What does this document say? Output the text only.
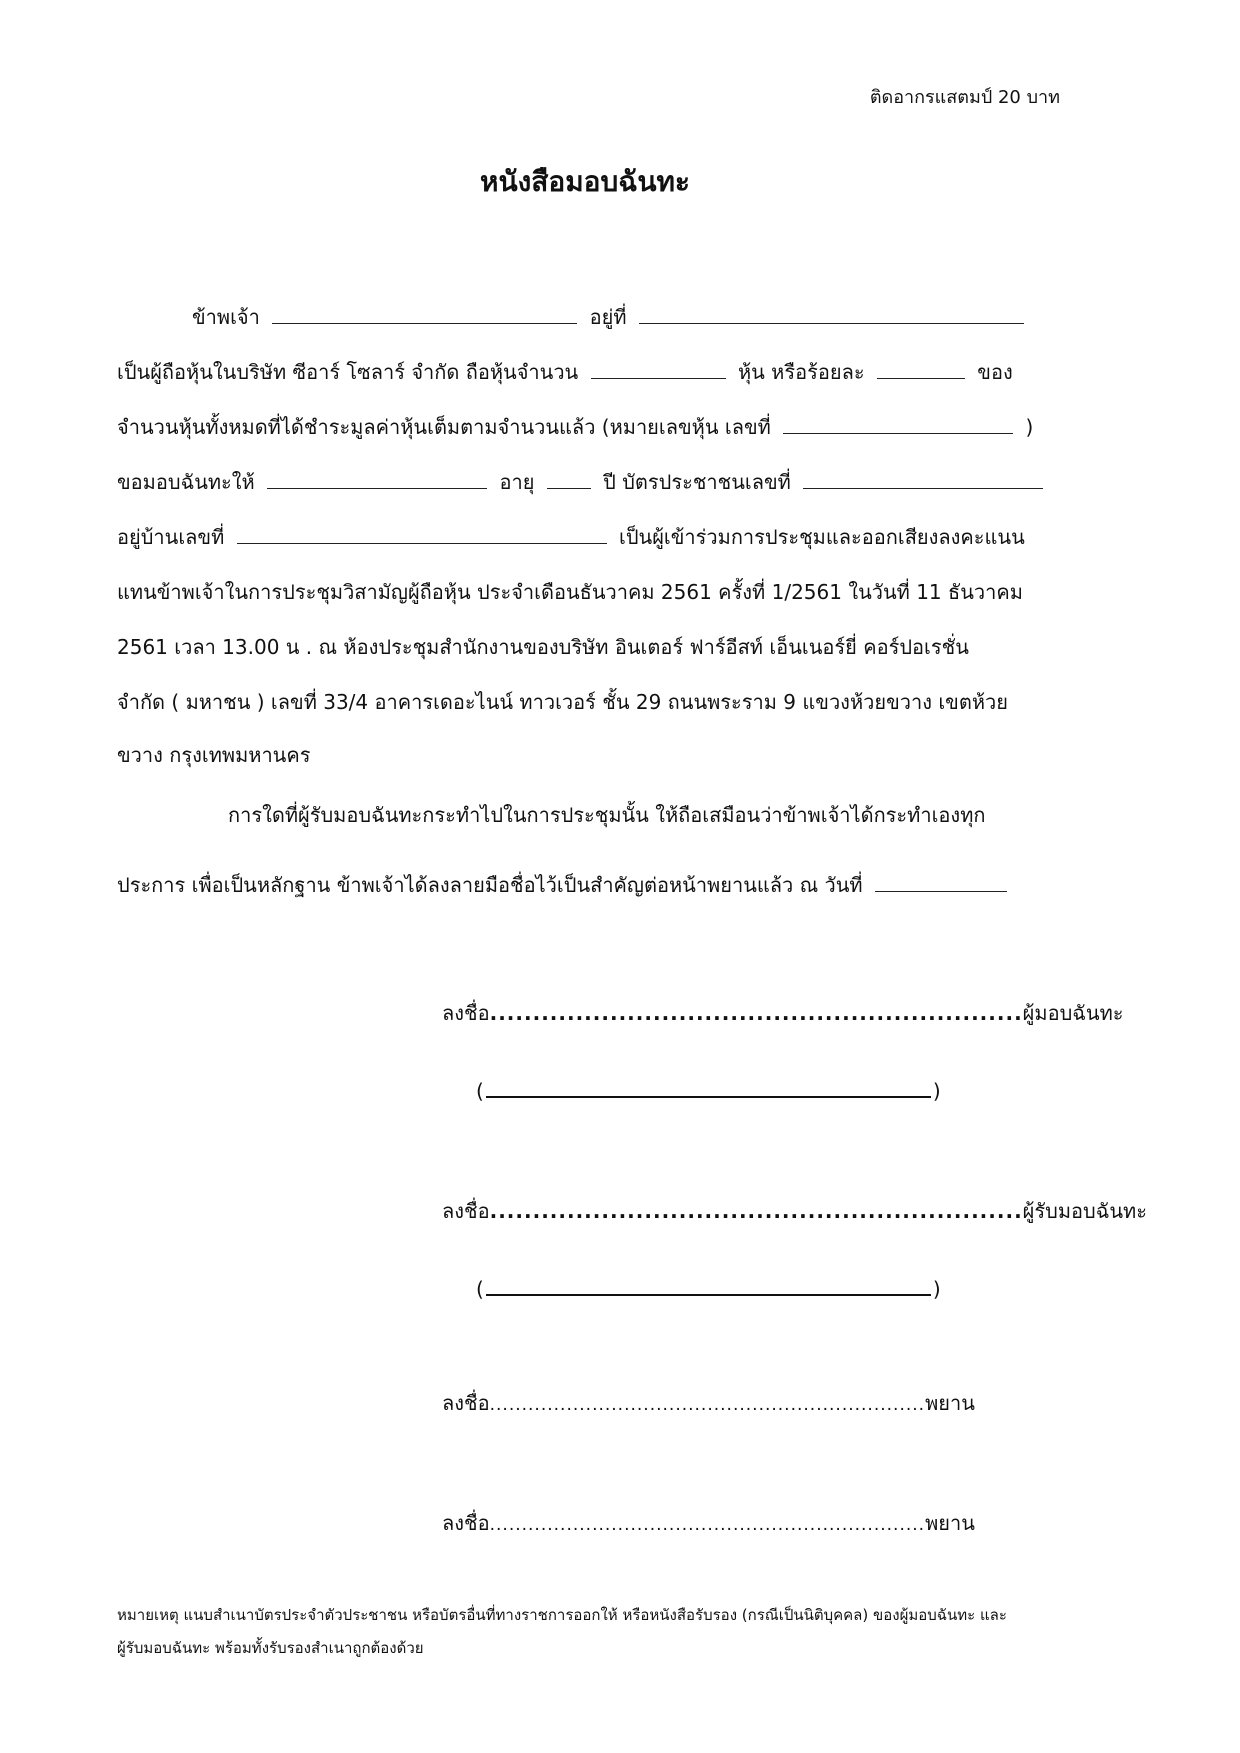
ติดอากรแสตมป์ 20 บาท
หนังสือมอบฉันทะ
ข้าพเจ้า	อยู่ที่
เป็นผู้ถือหุ้นในบริษัท ซีอาร์ โซลาร์ จำกัด ถือหุ้นจำนวน	หุ้น หรือร้อยละ	ของ
จำนวนหุ้นทั้งหมดที่ได้ชำระมูลค่าหุ้นเต็มตามจำนวนแล้ว (หมายเลขหุ้น เลขที่	)
ขอมอบฉันทะให้	อายุ	ปี บัตรประชาชนเลขที่
อยู่บ้านเลขที่	เป็นผู้เข้าร่วมการประชุมและออกเสียงลงคะแนน
แทนข้าพเจ้าในการประชุมวิสามัญผู้ถือหุ้น ประจำเดือนธันวาคม 2561 ครั้งที่ 1/2561 ในวันที่ 11 ธันวาคม
2561 เวลา 13.00 น . ณ ห้องประชุมสำนักงานของบริษัท อินเตอร์ ฟาร์อีสท์ เอ็นเนอร์ยี่ คอร์ปอเรชั่น
จำกัด ( มหาชน ) เลขที่ 33/4 อาคารเดอะไนน์ ทาวเวอร์ ชั้น 29 ถนนพระราม 9 แขวงห้วยขวาง เขตห้วย
ขวาง กรุงเทพมหานคร
การใดที่ผู้รับมอบฉันทะกระทำไปในการประชุมนั้น ให้ถือเสมือนว่าข้าพเจ้าได้กระทำเองทุก
ประการ เพื่อเป็นหลักฐาน ข้าพเจ้าได้ลงลายมือชื่อไว้เป็นสำคัญต่อหน้าพยานแล้ว ณ วันที่
ลงชื่อ..............................................................ผู้มอบฉันทะ
(	)
ลงชื่อ..............................................................ผู้รับมอบฉันทะ
(	)
ลงชื่อ....................................................................พยาน
ลงชื่อ....................................................................พยาน
หมายเหตุ แนบสำเนาบัตรประจำตัวประชาชน หรือบัตรอื่นที่ทางราชการออกให้ หรือหนังสือรับรอง (กรณีเป็นนิติบุคคล) ของผู้มอบฉันทะ และ
ผู้รับมอบฉันทะ พร้อมทั้งรับรองสำเนาถูกต้องด้วย
